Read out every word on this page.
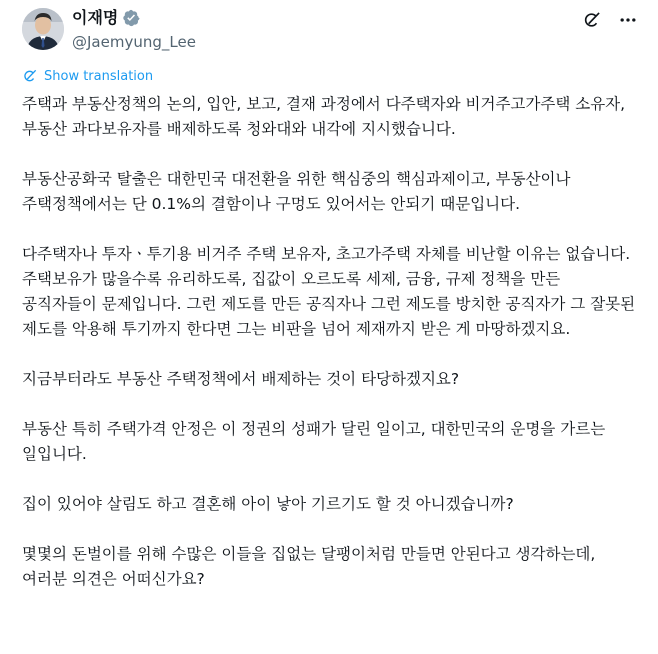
이재명
@Jaemyung_Lee
Show translation

주택과 부동산정책의 논의, 입안, 보고, 결재 과정에서 다주택자와 비거주고가주택 소유자, 부동산 과다보유자를 배제하도록 청와대와 내각에 지시했습니다.

부동산공화국 탈출은 대한민국 대전환을 위한 핵심중의 핵심과제이고, 부동산이나 주택정책에서는 단 0.1%의 결함이나 구멍도 있어서는 안되기 때문입니다.

다주택자나 투자ㆍ투기용 비거주 주택 보유자, 초고가주택 자체를 비난할 이유는 없습니다. 주택보유가 많을수록 유리하도록, 집값이 오르도록 세제, 금융, 규제 정책을 만든 공직자들이 문제입니다. 그런 제도를 만든 공직자나 그런 제도를 방치한 공직자가 그 잘못된 제도를 악용해 투기까지 한다면 그는 비판을 넘어 제재까지 받은 게 마땅하겠지요.

지금부터라도 부동산 주택정책에서 배제하는 것이 타당하겠지요?

부동산 특히 주택가격 안정은 이 정권의 성패가 달린 일이고, 대한민국의 운명을 가르는 일입니다.

집이 있어야 살림도 하고 결혼해 아이 낳아 기르기도 할 것 아니겠습니까?

몇몇의 돈벌이를 위해 수많은 이들을 집없는 달팽이처럼 만들면 안된다고 생각하는데, 여러분 의견은 어떠신가요?
